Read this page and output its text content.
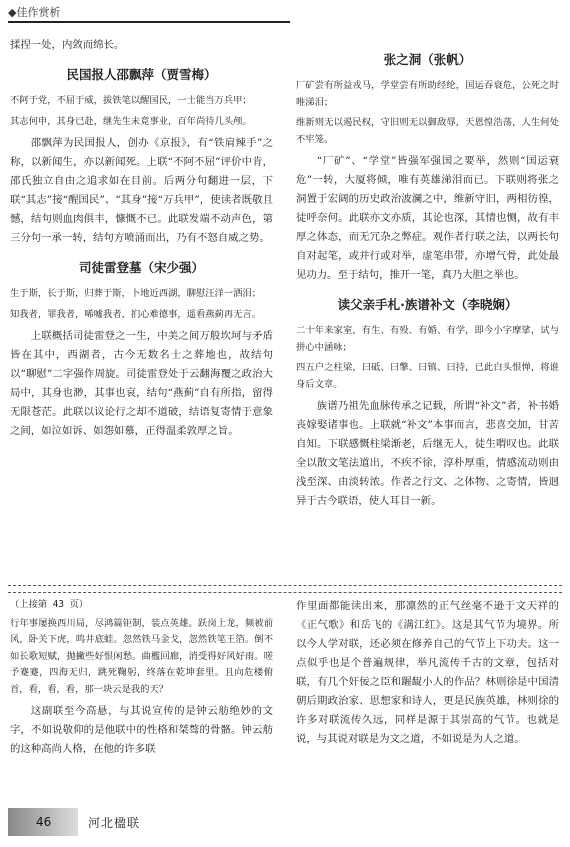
◆佳作赏析

揉捏一处，内敛而绵长。

民国报人邵飘萍（贾雪梅）
不阿于党，不屈于威，拔铁笔以醒国民，一士能当万兵甲；
其志何申，其身已赴，继先生未竟事业，百年尚待几头颅。

邵飘萍为民国报人，创办《京报》，有“铁肩辣手”之称，以新闻生，亦以新闻死。上联“不阿不屈”评价中肯，邵氏独立自由之追求如在目前。后两分句翻进一层，下联“其志”接“醒国民”、“其身”接“万兵甲”，使读者既敬且憾，结句则血肉俱丰，慷慨不已。此联发端不动声色，第三分句一承一转，结句方喷涌而出，乃有不怒自威之势。

司徒雷登墓（宋少强）
生于斯，长于斯，归葬于斯，卜地近西湖，聊慰汪洋一洒泪；
知我者，罪我者，唏嘘我者，扪心难德事，遥看燕蓟再无言。

上联概括司徒雷登之一生，中美之间万般坎坷与矛盾皆在其中，西湖者，古今无数名士之葬地也，故结句以“聊慰”二字强作周旋。司徒雷登处于云翻海覆之政治大局中，其身也渺，其事也哀，结句“燕蓟”自有所指，留得无限苍茫。此联以议论行之却不道破，结语复寄情于意象之间，如泣如诉、如怨如慕，正得温柔敦厚之旨。

张之洞（张帆）
厂矿尝有所益戎马，学堂尝有所助经纶，国运吞衰危，公死之时唯涕泪；
维新则无以遏民权，守旧则无以御敌辱，天恩惶浩荡，人生何处不牢笼。

“厂矿”、“学堂”皆强军强国之要举，然则“国运衰危”一转，大厦将倾，唯有英雄涕泪而已。下联则将张之洞置于宏阔的历史政治波澜之中，维新守旧，两相彷徨，徒呼奈何。此联亦文亦质，其论也深，其情也恻，故有丰厚之体态，而无冗杂之弊症。观作者行联之法，以两长句自对起笔，或并行或对举，虚笔串带，亦增气骨，此处最见功力。至于结句，推开一笔，真乃大胆之举也。

读父亲手札·族谱补文（李晓娴）
二十年来家室，有生、有殁、有婚、有学，即今小字摩挲，试与拼心中涵咏；
四五户之柱梁，曰砥、曰擎、曰镇、曰持，已此白头恨惮，将谁身后文章。

族谱乃祖先血脉传承之记载，所谓“补文”者，补书婚丧嫁娶诸事也。上联就“补文”本事而言，悲喜交加，甘苦自知。下联感慨柱梁渐老，后继无人，徒生喟叹也。此联全以散文笔法道出，不疾不徐，淳朴厚重，情感流动则由浅至深、由淡转浓。作者之行文、之体物、之寄情，皆迥异于古今联语，使人耳目一新。

（上接第 43 页）
行年事屡换西川局，尽鸿篇钜制，装点英雄。跃岗上龙，频被前风，卧关下虎，鸣井底蛙。忽然铁马金戈，忽然铁笔王箔。倒不如长歌短赋，抛撇些好恨闲愁。曲檻回廊，消受得好风好雨。嗟予蹇蹇，四海无归，跳死鞠躬，终落在乾坤套里。且向危楼俯首，看，看，看，那一块云是我的天？

这副联至今高悬，与其说宣传的是钟云舫绝妙的文字，不如说敬仰的是他联中的性格和桀骜的骨骼。钟云舫的这种高尚人格，在他的许多联

作里面都能读出来，那凛然的正气丝毫不逊于文天祥的《正气歌》和岳飞的《满江红》。这是其气节为境界。所以今人学对联，还必须在修养自己的气节上下功夫。这一点似乎也是个普遍规律，举凡流传千古的文章，包括对联，有几个奸佞之臣和龌龊小人的作品？林则徐是中国清朝后期政治家、思想家和诗人，更是民族英雄，林则徐的许多对联流传久远，同样是源于其崇高的气节。也就是说，与其说对联是为文之道，不如说是为人之道。

46	河北楹联
